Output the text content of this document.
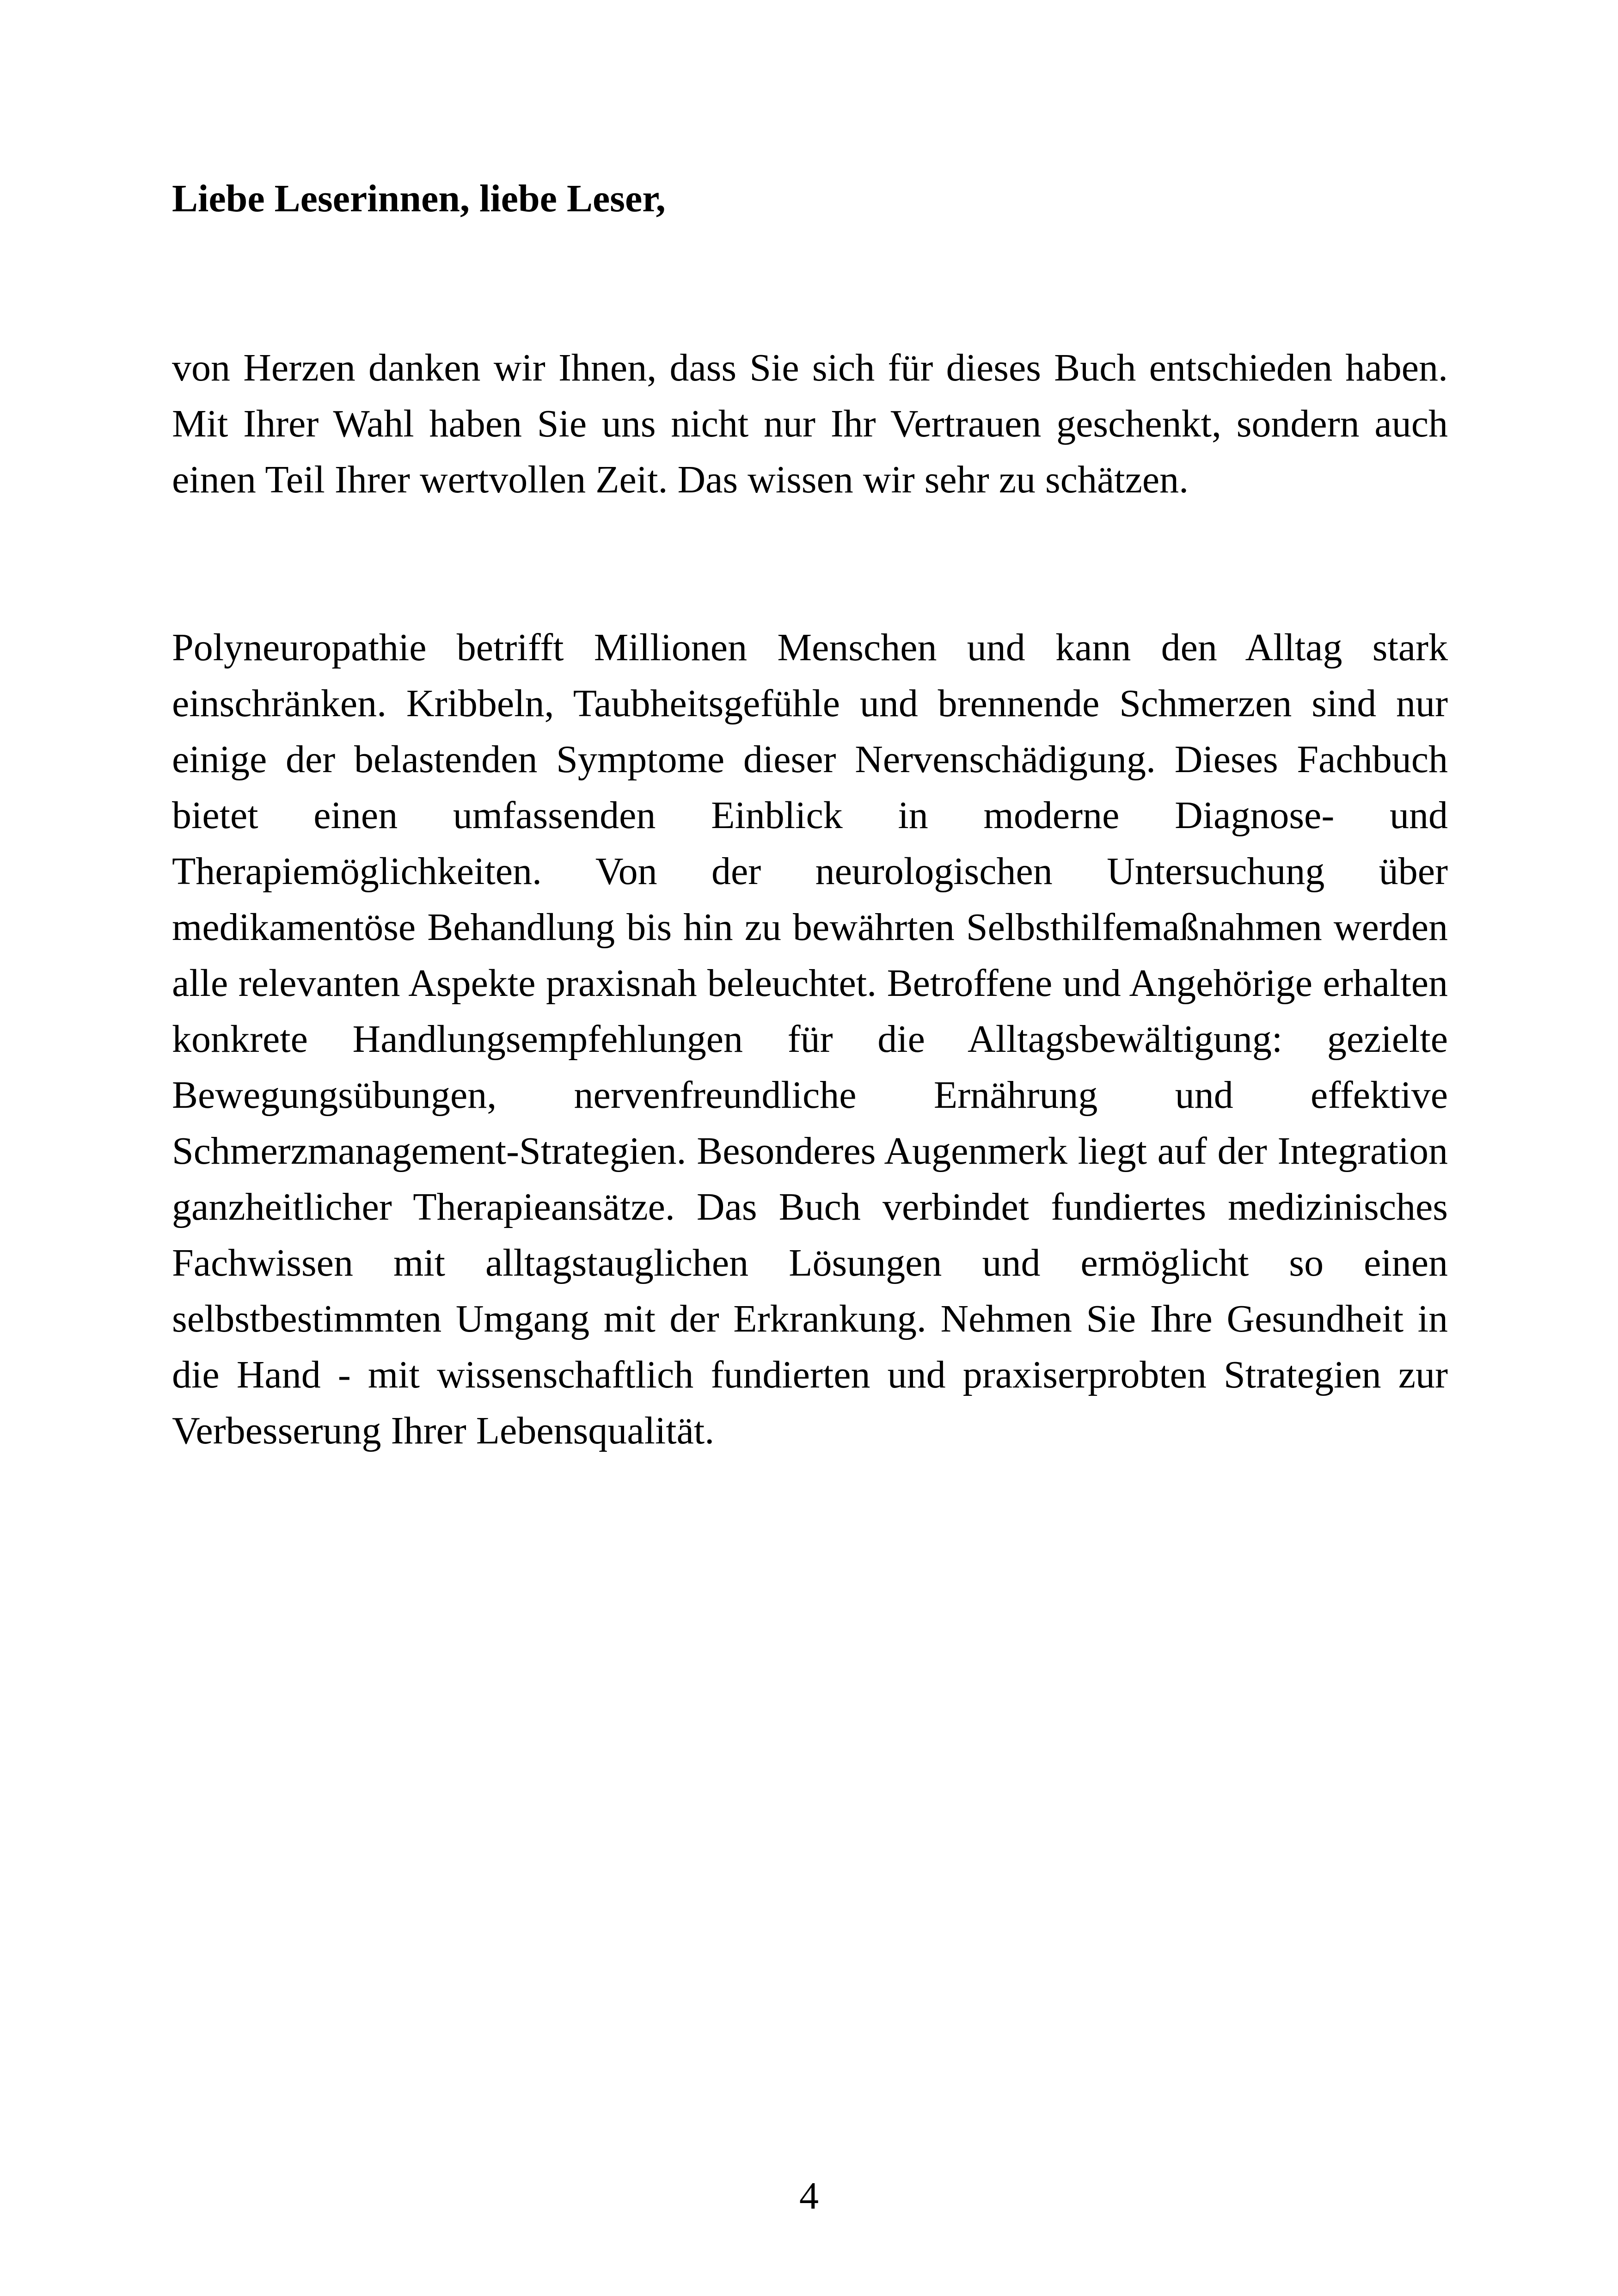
Liebe Leserinnen, liebe Leser,

von Herzen danken wir Ihnen, dass Sie sich für dieses Buch entschieden haben. Mit Ihrer Wahl haben Sie uns nicht nur Ihr Vertrauen geschenkt, sondern auch einen Teil Ihrer wertvollen Zeit. Das wissen wir sehr zu schätzen.

Polyneuropathie betrifft Millionen Menschen und kann den Alltag stark einschränken. Kribbeln, Taubheitsgefühle und brennende Schmerzen sind nur einige der belastenden Symptome dieser Nervenschädigung. Dieses Fachbuch bietet einen umfassenden Einblick in moderne Diagnose- und Therapiemöglichkeiten. Von der neurologischen Untersuchung über medikamentöse Behandlung bis hin zu bewährten Selbsthilfemaßnahmen werden alle relevanten Aspekte praxisnah beleuchtet. Betroffene und Angehörige erhalten konkrete Handlungsempfehlungen für die Alltagsbewältigung: gezielte Bewegungsübungen, nervenfreundliche Ernährung und effektive Schmerzmanagement-Strategien. Besonderes Augenmerk liegt auf der Integration ganzheitlicher Therapieansätze. Das Buch verbindet fundiertes medizinisches Fachwissen mit alltagstauglichen Lösungen und ermöglicht so einen selbstbestimmten Umgang mit der Erkrankung. Nehmen Sie Ihre Gesundheit in die Hand - mit wissenschaftlich fundierten und praxiserprobten Strategien zur Verbesserung Ihrer Lebensqualität.

4
